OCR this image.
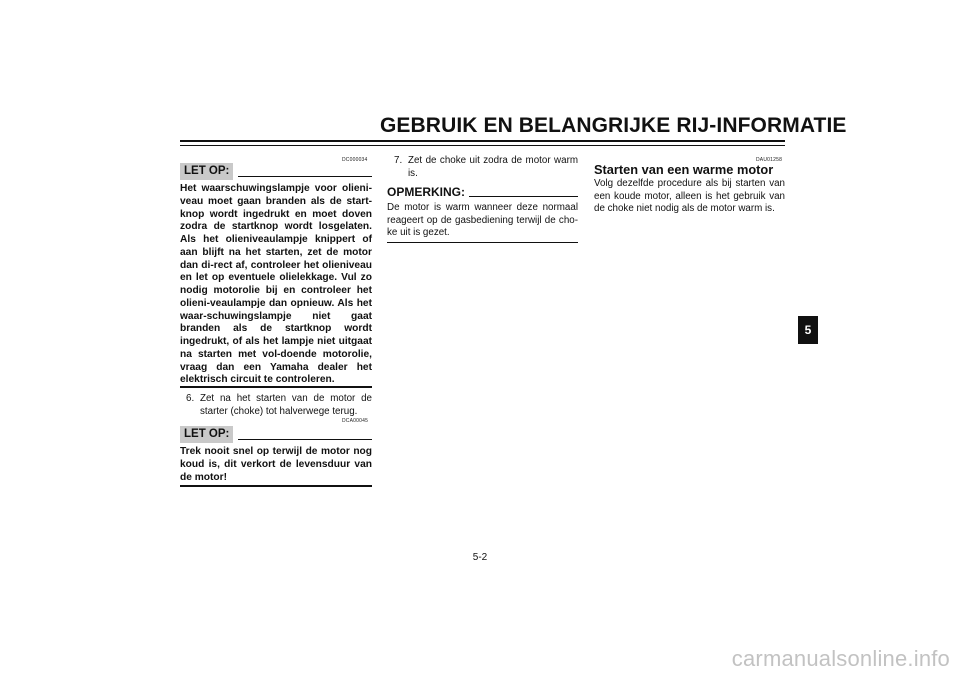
GEBRUIK EN BELANGRIJKE RIJ-INFORMATIE
DC000034
LET OP:
Het waarschuwingslampje voor olieni-veau moet gaan branden als de start-knop wordt ingedrukt en moet doven zodra de startknop wordt losgelaten. Als het olieniveaulampje knippert of aan blijft na het starten, zet de motor dan di-rect af, controleer het olieniveau en let op eventuele olielekkage. Vul zo nodig motorolie bij en controleer het olieni-veaulampje dan opnieuw. Als het waar-schuwingslampje niet gaat branden als de startknop wordt ingedrukt, of als het lampje niet uitgaat na starten met vol-doende motorolie, vraag dan een Yamaha dealer het elektrisch circuit te controleren.
6. Zet na het starten van de motor de starter (choke) tot halverwege terug.
DCA00045
LET OP:
Trek nooit snel op terwijl de motor nog koud is, dit verkort de levensduur van de motor!
7. Zet de choke uit zodra de motor warm is.
OPMERKING:
De motor is warm wanneer deze normaal reageert op de gasbediening terwijl de cho-ke uit is gezet.
DAU01258
Starten van een warme motor
Volg dezelfde procedure als bij starten van een koude motor, alleen is het gebruik van de choke niet nodig als de motor warm is.
5
5-2
carmanualsonline.info
